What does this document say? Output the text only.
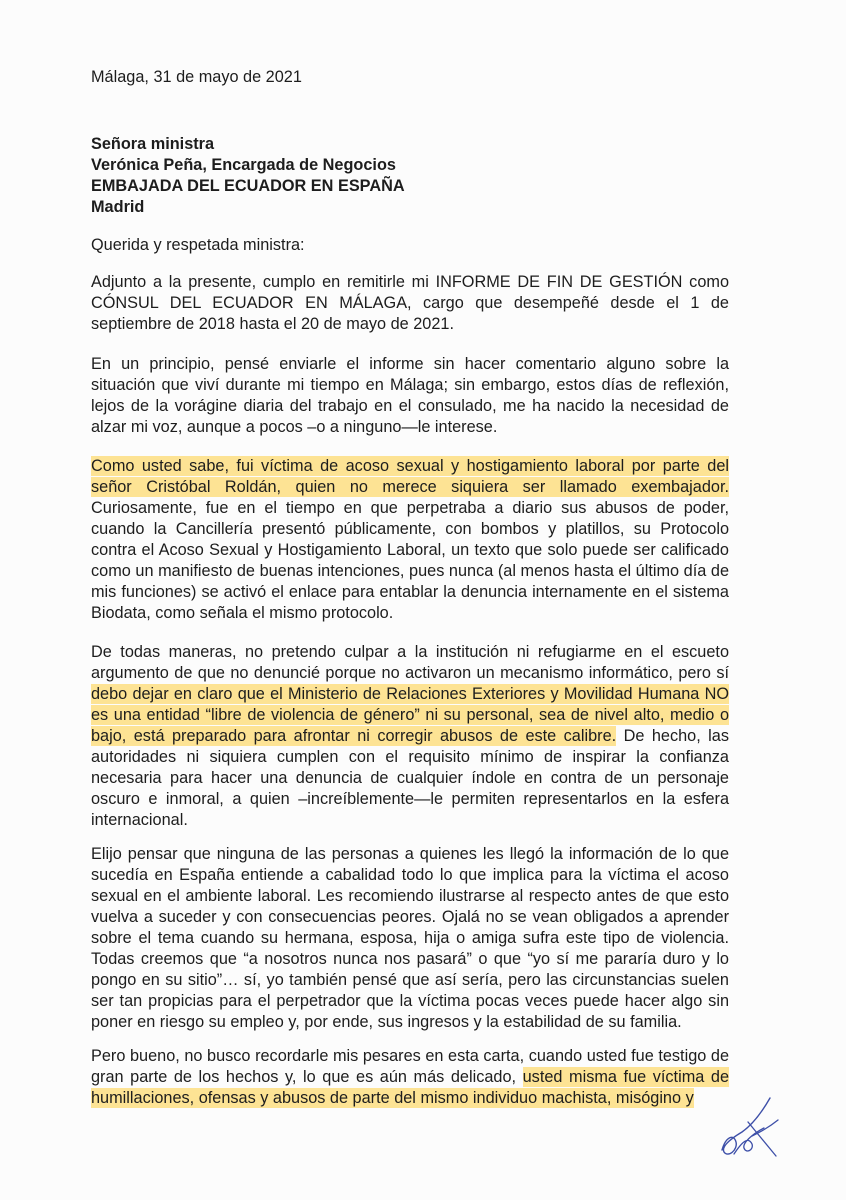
Málaga, 31 de mayo de 2021
Señora ministra
Verónica Peña, Encargada de Negocios
EMBAJADA DEL ECUADOR EN ESPAÑA
Madrid
Querida y respetada ministra:
Adjunto a la presente, cumplo en remitirle mi INFORME DE FIN DE GESTIÓN como CÓNSUL DEL ECUADOR EN MÁLAGA, cargo que desempeñé desde el 1 de septiembre de 2018 hasta el 20 de mayo de 2021.
En un principio, pensé enviarle el informe sin hacer comentario alguno sobre la situación que viví durante mi tiempo en Málaga; sin embargo, estos días de reflexión, lejos de la vorágine diaria del trabajo en el consulado, me ha nacido la necesidad de alzar mi voz, aunque a pocos –o a ninguno—le interese.
Como usted sabe, fui víctima de acoso sexual y hostigamiento laboral por parte del señor Cristóbal Roldán, quien no merece siquiera ser llamado exembajador. Curiosamente, fue en el tiempo en que perpetraba a diario sus abusos de poder, cuando la Cancillería presentó públicamente, con bombos y platillos, su Protocolo contra el Acoso Sexual y Hostigamiento Laboral, un texto que solo puede ser calificado como un manifiesto de buenas intenciones, pues nunca (al menos hasta el último día de mis funciones) se activó el enlace para entablar la denuncia internamente en el sistema Biodata, como señala el mismo protocolo.
De todas maneras, no pretendo culpar a la institución ni refugiarme en el escueto argumento de que no denuncié porque no activaron un mecanismo informático, pero sí debo dejar en claro que el Ministerio de Relaciones Exteriores y Movilidad Humana NO es una entidad “libre de violencia de género” ni su personal, sea de nivel alto, medio o bajo, está preparado para afrontar ni corregir abusos de este calibre. De hecho, las autoridades ni siquiera cumplen con el requisito mínimo de inspirar la confianza necesaria para hacer una denuncia de cualquier índole en contra de un personaje oscuro e inmoral, a quien –increíblemente—le permiten representarlos en la esfera internacional.
Elijo pensar que ninguna de las personas a quienes les llegó la información de lo que sucedía en España entiende a cabalidad todo lo que implica para la víctima el acoso sexual en el ambiente laboral. Les recomiendo ilustrarse al respecto antes de que esto vuelva a suceder y con consecuencias peores. Ojalá no se vean obligados a aprender sobre el tema cuando su hermana, esposa, hija o amiga sufra este tipo de violencia. Todas creemos que “a nosotros nunca nos pasará” o que “yo sí me pararía duro y lo pongo en su sitio”… sí, yo también pensé que así sería, pero las circunstancias suelen ser tan propicias para el perpetrador que la víctima pocas veces puede hacer algo sin poner en riesgo su empleo y, por ende, sus ingresos y la estabilidad de su familia.
Pero bueno, no busco recordarle mis pesares en esta carta, cuando usted fue testigo de gran parte de los hechos y, lo que es aún más delicado, usted misma fue víctima de humillaciones, ofensas y abusos de parte del mismo individuo machista, misógino y
